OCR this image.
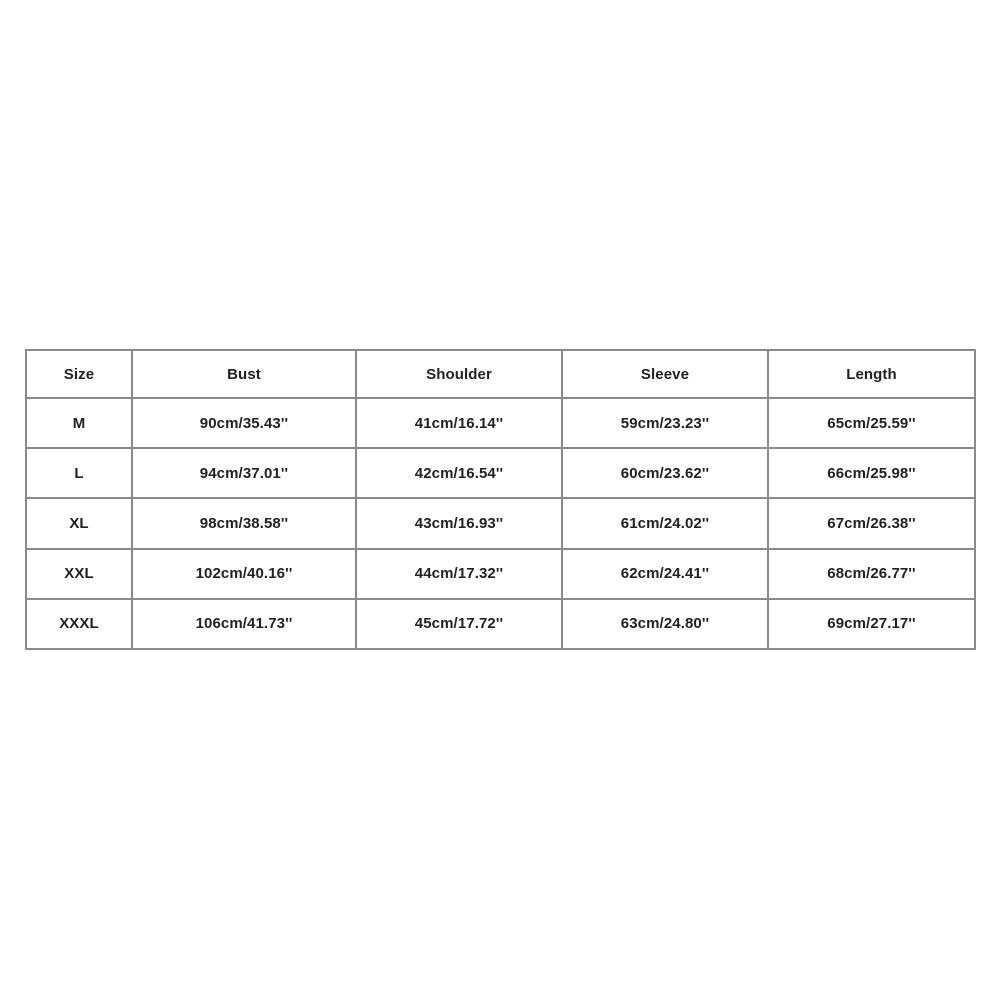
Size	Bust	Shoulder	Sleeve	Length
M	90cm/35.43''	41cm/16.14''	59cm/23.23''	65cm/25.59''
L	94cm/37.01''	42cm/16.54''	60cm/23.62''	66cm/25.98''
XL	98cm/38.58''	43cm/16.93''	61cm/24.02''	67cm/26.38''
XXL	102cm/40.16''	44cm/17.32''	62cm/24.41''	68cm/26.77''
XXXL	106cm/41.73''	45cm/17.72''	63cm/24.80''	69cm/27.17''
